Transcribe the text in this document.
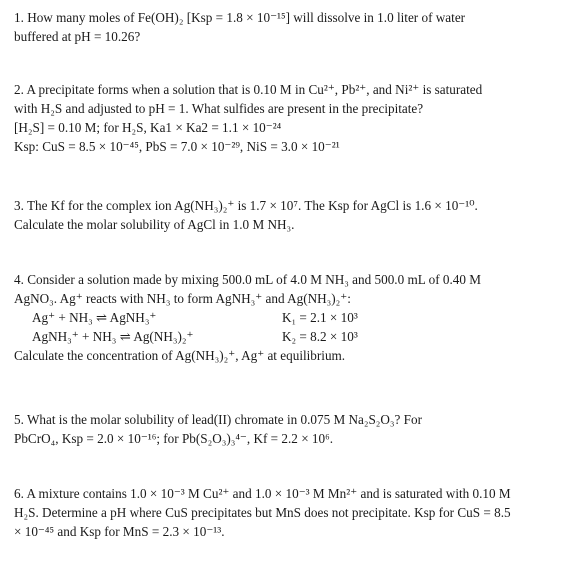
1. How many moles of Fe(OH)₂ [Ksp = 1.8 × 10⁻¹⁵] will dissolve in 1.0 liter of water
buffered at pH = 10.26?
2. A precipitate forms when a solution that is 0.10 M in Cu²⁺, Pb²⁺, and Ni²⁺ is saturated
with H₂S and adjusted to pH = 1. What sulfides are present in the precipitate?
[H₂S] = 0.10 M; for H₂S, Ka1 × Ka2 = 1.1 × 10⁻²⁴
Ksp: CuS = 8.5 × 10⁻⁴⁵, PbS = 7.0 × 10⁻²⁹, NiS = 3.0 × 10⁻²¹
3. The Kf for the complex ion Ag(NH₃)₂⁺ is 1.7 × 10⁷. The Ksp for AgCl is 1.6 × 10⁻¹⁰.
Calculate the molar solubility of AgCl in 1.0 M NH₃.
4. Consider a solution made by mixing 500.0 mL of 4.0 M NH₃ and 500.0 mL of 0.40 M
AgNO₃. Ag⁺ reacts with NH₃ to form AgNH₃⁺ and Ag(NH₃)₂⁺:
Ag⁺ + NH₃ ⇌ AgNH₃⁺	K₁ = 2.1 × 10³
AgNH₃⁺ + NH₃ ⇌ Ag(NH₃)₂⁺	K₂ = 8.2 × 10³
Calculate the concentration of Ag(NH₃)₂⁺, Ag⁺ at equilibrium.
5. What is the molar solubility of lead(II) chromate in 0.075 M Na₂S₂O₃? For
PbCrO₄, Ksp = 2.0 × 10⁻¹⁶; for Pb(S₂O₃)₃⁴⁻, Kf = 2.2 × 10⁶.
6. A mixture contains 1.0 × 10⁻³ M Cu²⁺ and 1.0 × 10⁻³ M Mn²⁺ and is saturated with 0.10 M
H₂S. Determine a pH where CuS precipitates but MnS does not precipitate. Ksp for CuS = 8.5
× 10⁻⁴⁵ and Ksp for MnS = 2.3 × 10⁻¹³.
